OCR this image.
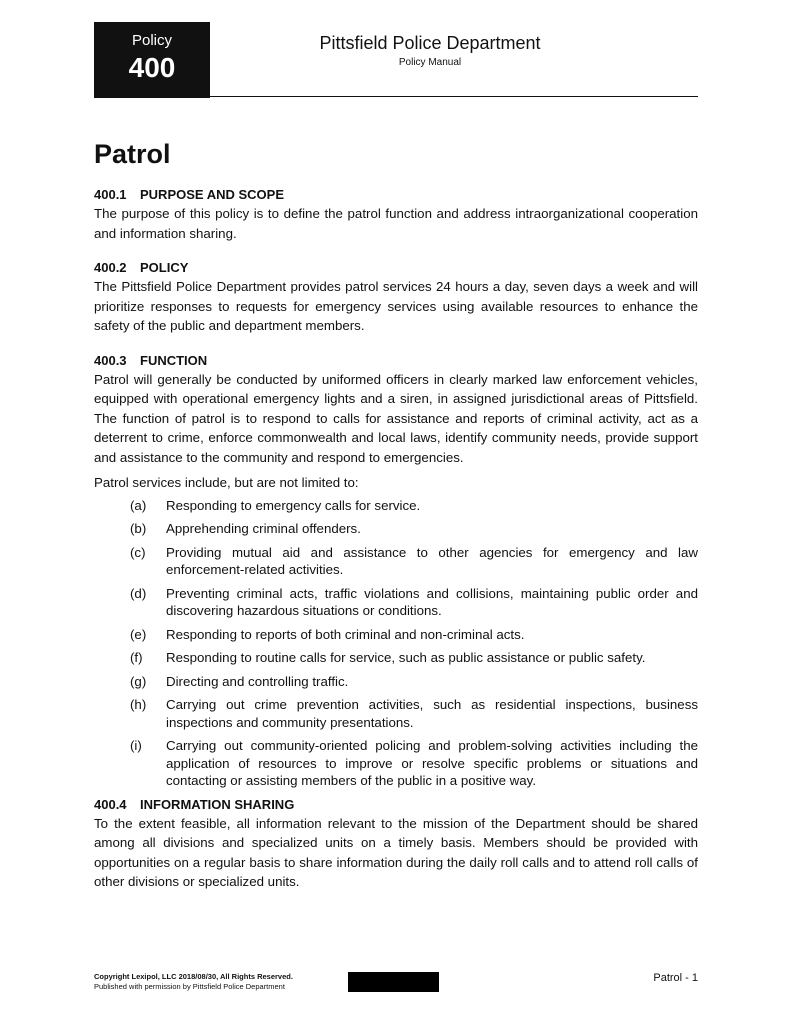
Policy
400
Pittsfield Police Department
Policy Manual
Patrol
400.1 PURPOSE AND SCOPE

The purpose of this policy is to define the patrol function and address intraorganizational cooperation and information sharing.

400.2 POLICY

The Pittsfield Police Department provides patrol services 24 hours a day, seven days a week and will prioritize responses to requests for emergency services using available resources to enhance the safety of the public and department members.

400.3 FUNCTION

Patrol will generally be conducted by uniformed officers in clearly marked law enforcement vehicles, equipped with operational emergency lights and a siren, in assigned jurisdictional areas of Pittsfield. The function of patrol is to respond to calls for assistance and reports of criminal activity, act as a deterrent to crime, enforce commonwealth and local laws, identify community needs, provide support and assistance to the community and respond to emergencies.

Patrol services include, but are not limited to:

(a)	Responding to emergency calls for service.
(b)	Apprehending criminal offenders.
(c)	Providing mutual aid and assistance to other agencies for emergency and law enforcement-related activities.
(d)	Preventing criminal acts, traffic violations and collisions, maintaining public order and discovering hazardous situations or conditions.
(e)	Responding to reports of both criminal and non-criminal acts.
(f)	Responding to routine calls for service, such as public assistance or public safety.
(g)	Directing and controlling traffic.
(h)	Carrying out crime prevention activities, such as residential inspections, business inspections and community presentations.
(i)	Carrying out community-oriented policing and problem-solving activities including the application of resources to improve or resolve specific problems or situations and contacting or assisting members of the public in a positive way.
400.4 INFORMATION SHARING

To the extent feasible, all information relevant to the mission of the Department should be shared among all divisions and specialized units on a timely basis. Members should be provided with opportunities on a regular basis to share information during the daily roll calls and to attend roll calls of other divisions or specialized units.

Copyright Lexipol, LLC 2018/08/30, All Rights Reserved.
Published with permission by Pittsfield Police Department
Patrol - 1
